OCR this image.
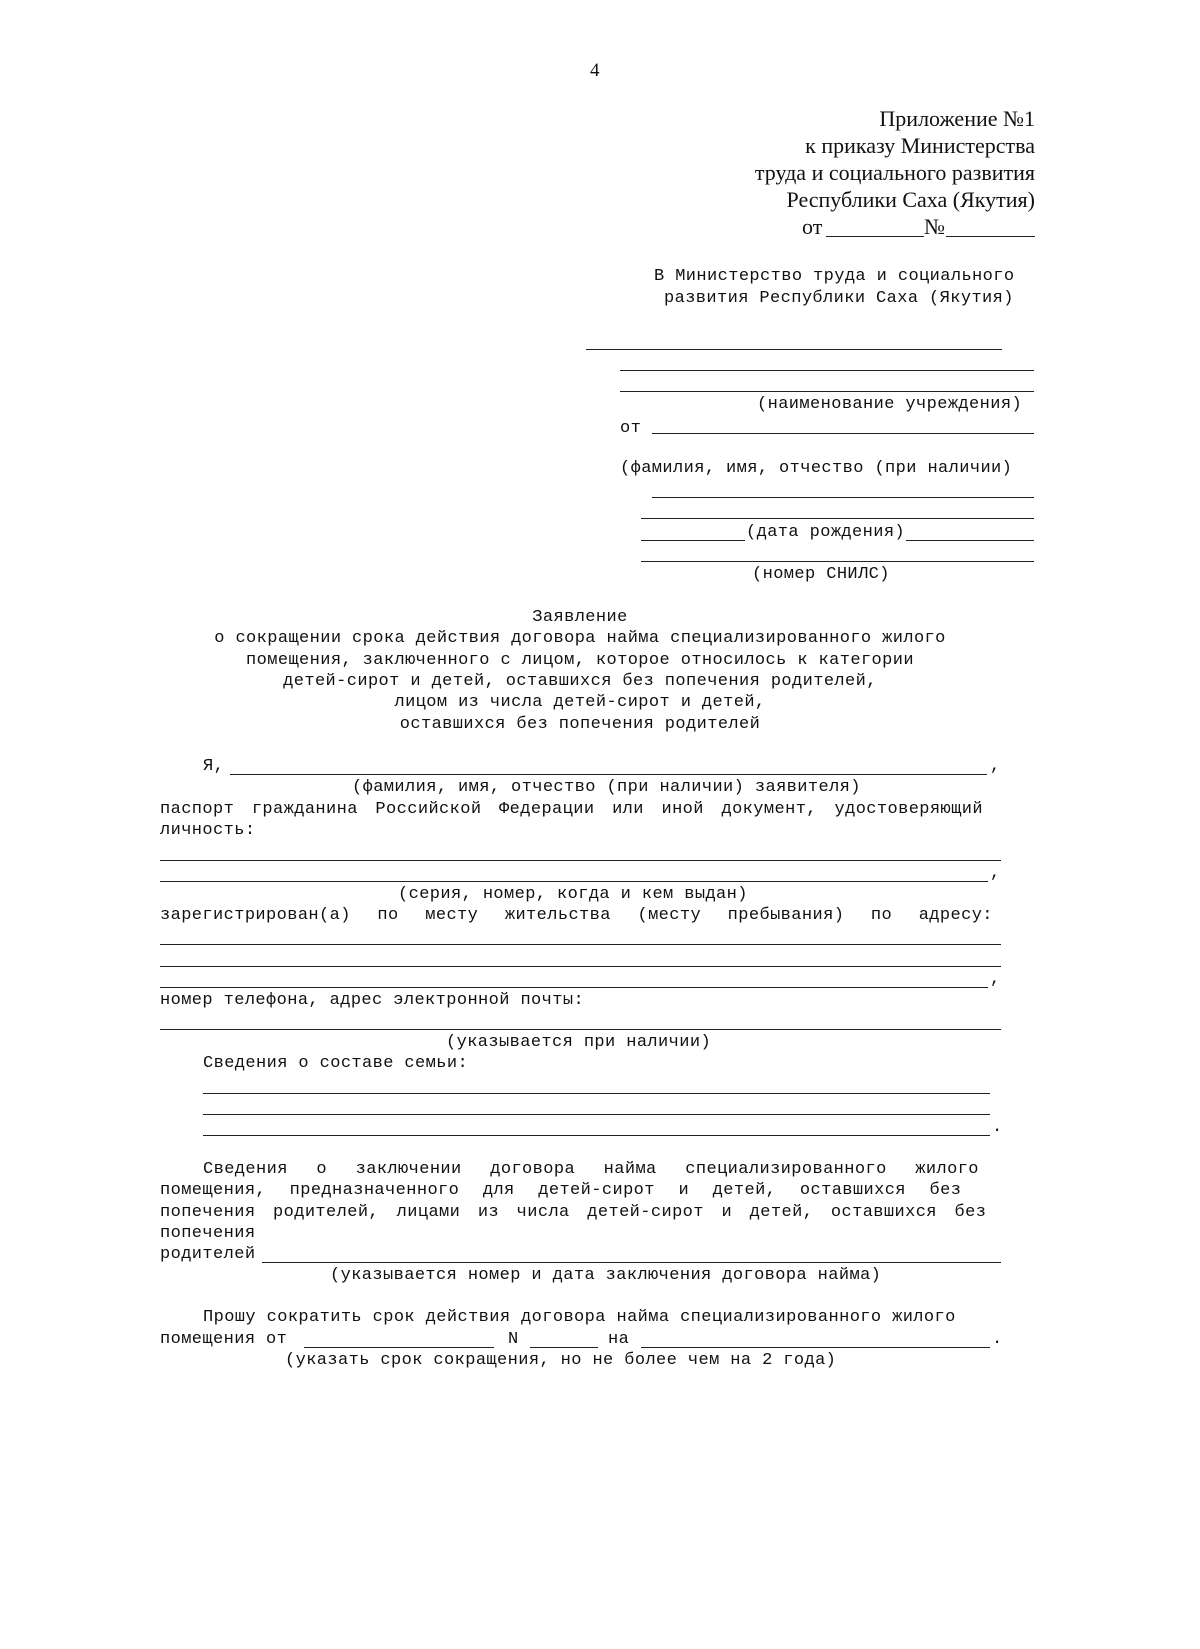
4
Приложение №1
к приказу Министерства
труда и социального развития
Республики Саха (Якутия)
от	№
В Министерство труда и социального
развития Республики Саха (Якутия)
(наименование учреждения)
от
(фамилия, имя, отчество (при наличии)
(дата рождения)
(номер СНИЛС)
Заявление
о сокращении срока действия договора найма специализированного жилого
помещения, заключенного с лицом, которое относилось к категории
детей-сирот и детей, оставшихся без попечения родителей,
лицом из числа детей-сирот и детей,
оставшихся без попечения родителей
Я,	,
(фамилия, имя, отчество (при наличии) заявителя)
паспорт гражданина Российской Федерации или иной документ, удостоверяющий
личность:
,
(серия, номер, когда и кем выдан)
зарегистрирован(а) по месту жительства (месту пребывания) по адресу:
,
номер телефона, адрес электронной почты:
(указывается при наличии)
Сведения о составе семьи:
.
Сведения о заключении договора найма специализированного жилого
помещения, предназначенного для детей-сирот и детей, оставшихся без
попечения родителей, лицами из числа детей-сирот и детей, оставшихся без
попечения
родителей
(указывается номер и дата заключения договора найма)
Прошу сократить срок действия договора найма специализированного жилого
помещения от	N	на	.
(указать срок сокращения, но не более чем на 2 года)
